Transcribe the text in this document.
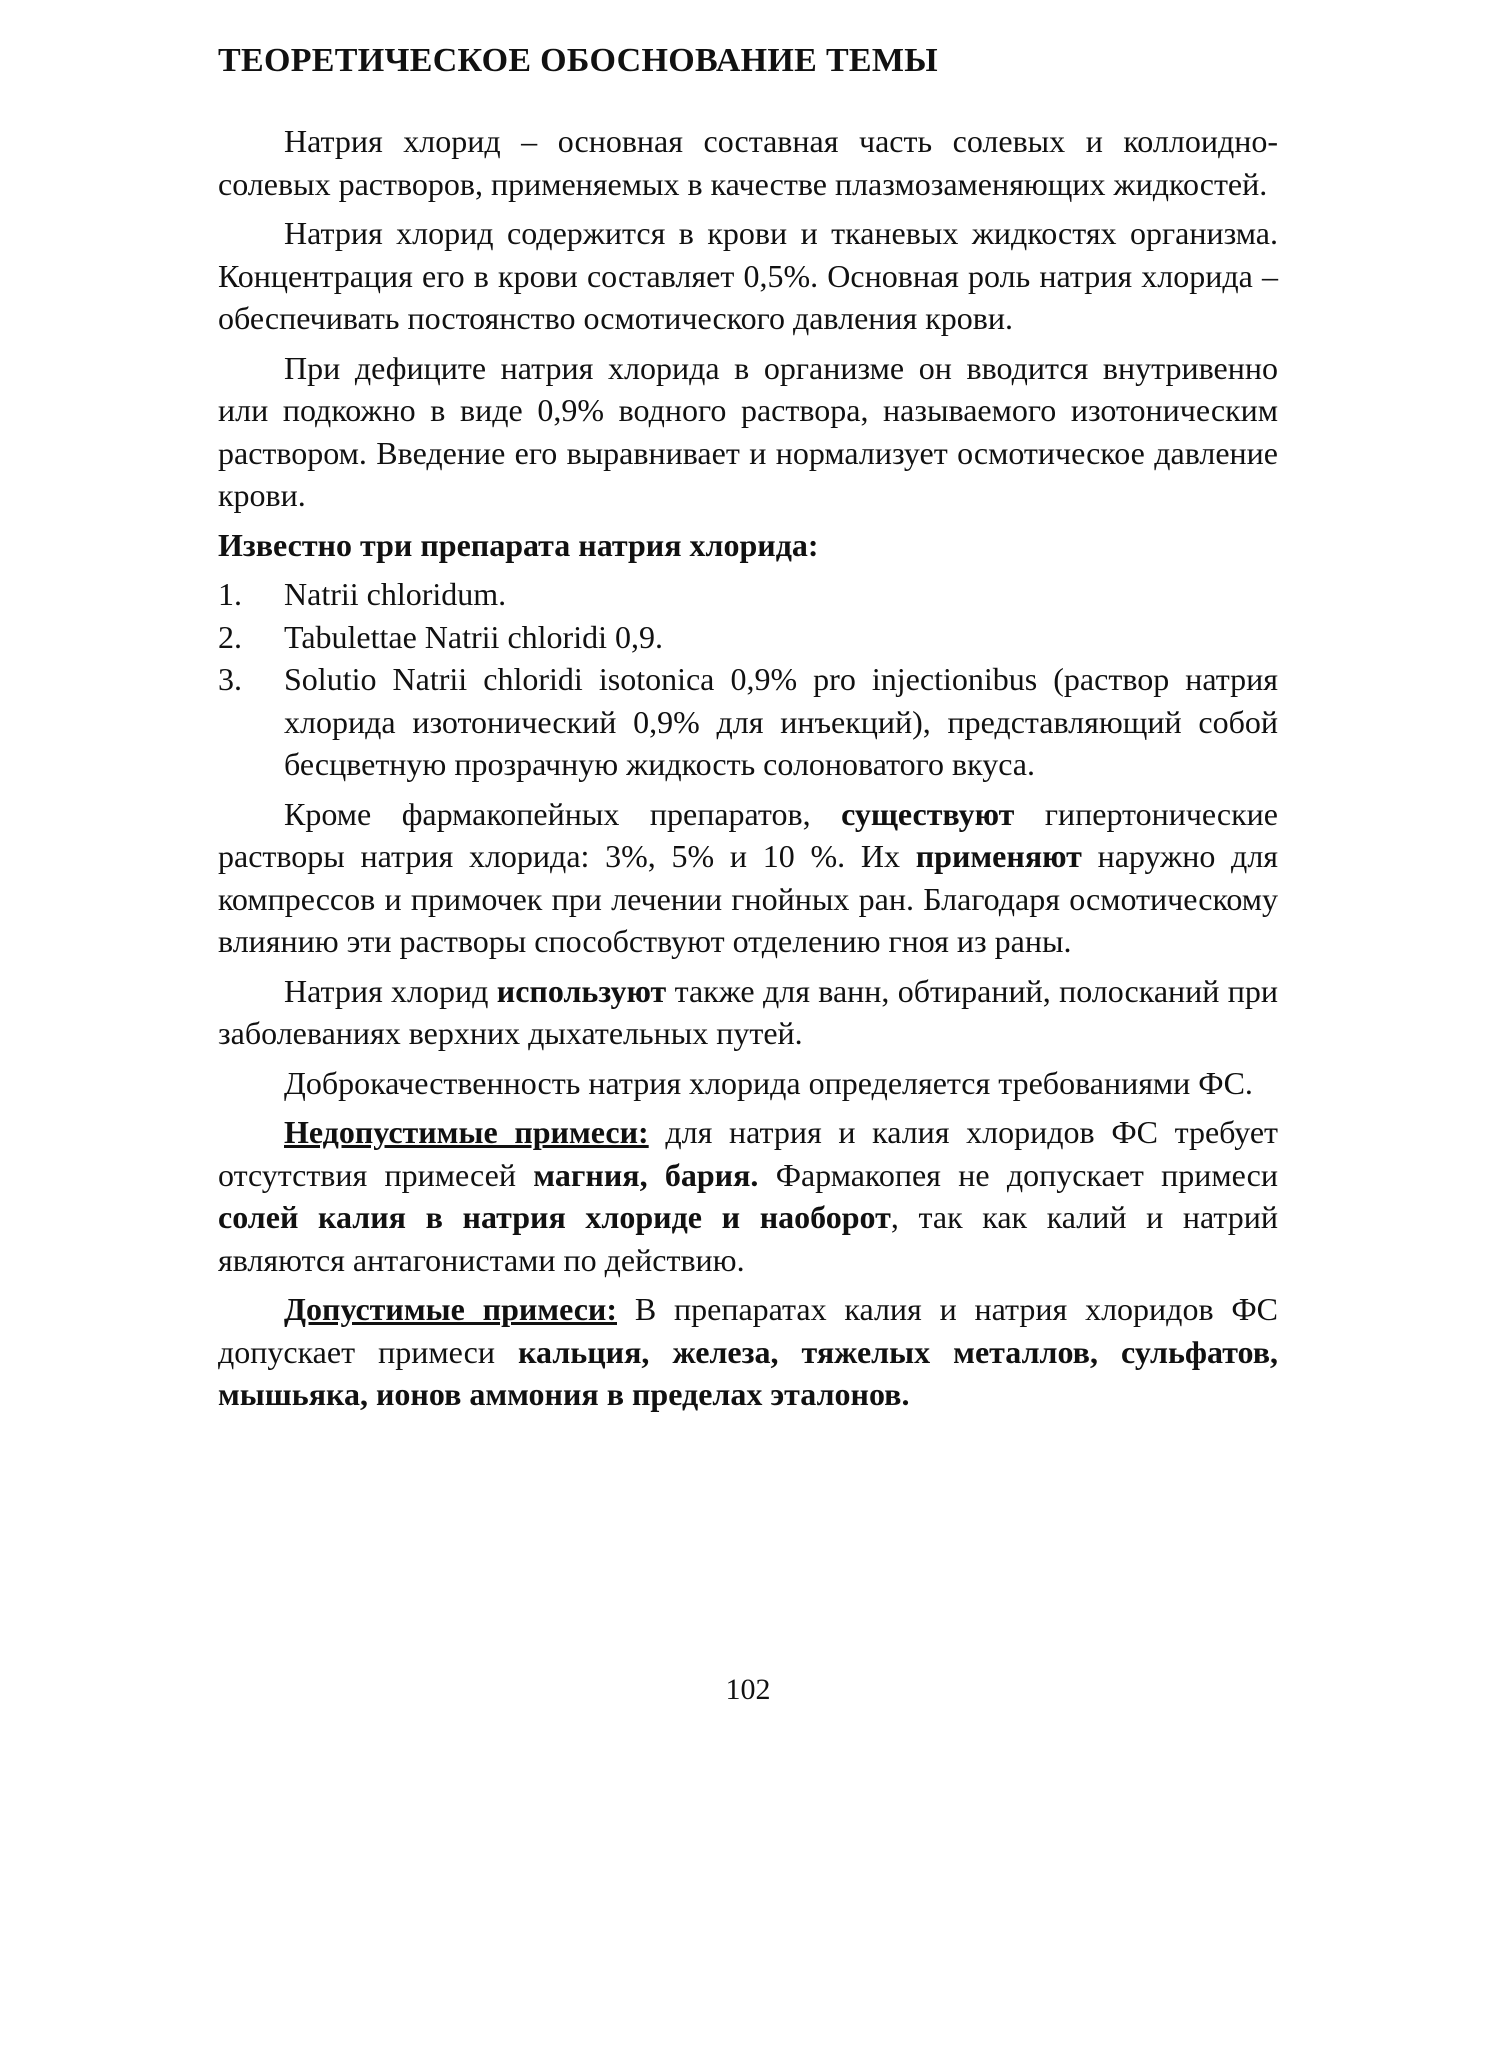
ТЕОРЕТИЧЕСКОЕ ОБОСНОВАНИЕ ТЕМЫ

Натрия хлорид – основная составная часть солевых и коллоидно-солевых растворов, применяемых в качестве плазмозаменяющих жидкостей.

Натрия хлорид содержится в крови и тканевых жидкостях организма. Концентрация его в крови составляет 0,5%. Основная роль натрия хлорида – обеспечивать постоянство осмотического давления крови.

При дефиците натрия хлорида в организме он вводится внутривенно или подкожно в виде 0,9% водного раствора, называемого изотоническим раствором. Введение его выравнивает и нормализует осмотическое давление крови.

Известно три препарата натрия хлорида:

1. Natrii chloridum.
2. Tabulettae Natrii chloridi 0,9.
3. Solutio Natrii chloridi isotonica 0,9% pro injectionibus (раствор натрия хлорида изотонический 0,9% для инъекций), представляющий собой бесцветную прозрачную жидкость солоноватого вкуса.

Кроме фармакопейных препаратов, существуют гипертонические растворы натрия хлорида: 3%, 5% и 10 %. Их применяют наружно для компрессов и примочек при лечении гнойных ран. Благодаря осмотическому влиянию эти растворы способствуют отделению гноя из раны.

Натрия хлорид используют также для ванн, обтираний, полосканий при заболеваниях верхних дыхательных путей.

Доброкачественность натрия хлорида определяется требованиями ФС.

Недопустимые примеси: для натрия и калия хлоридов ФС требует отсутствия примесей магния, бария. Фармакопея не допускает примеси солей калия в натрия хлориде и наоборот, так как калий и натрий являются антагонистами по действию.

Допустимые примеси: В препаратах калия и натрия хлоридов ФС допускает примеси кальция, железа, тяжелых металлов, сульфатов, мышьяка, ионов аммония в пределах эталонов.

102
